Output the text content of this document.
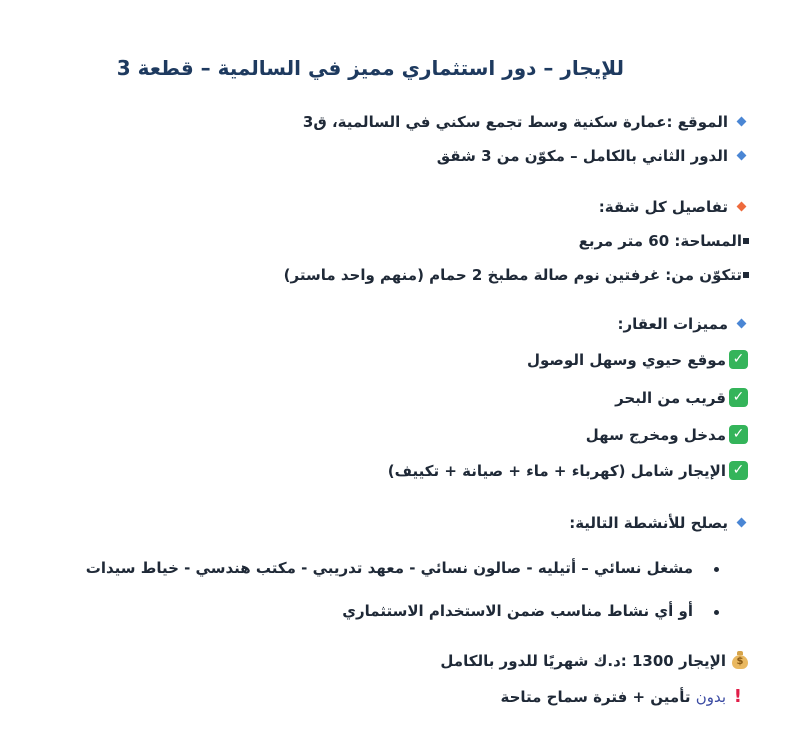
للإيجار – دور استثماري مميز في السالمية – قطعة 3
الموقع :عمارة سكنية وسط تجمع سكني في السالمية، ق3
الدور الثاني بالكامل – مكوّن من 3 شقق
تفاصيل كل شقة:
المساحة: 60 متر مربع
تتكوّن من: غرفتين نوم صالة مطبخ 2 حمام (منهم واحد ماستر)
مميزات العقار:
✓موقع حيوي وسهل الوصول
✓قريب من البحر
✓مدخل ومخرج سهل
✓الإيجار شامل (كهرباء + ماء + صيانة + تكييف)
يصلح للأنشطة التالية:
مشغل نسائي – أتيليه - صالون نسائي - معهد تدريبي - مكتب هندسي - خياط سيدات
أو أي نشاط مناسب ضمن الاستخدام الاستثماري
$
الإيجار 1300 :د.ك شهريًا للدور بالكامل
!بدون تأمين + فترة سماح متاحة
